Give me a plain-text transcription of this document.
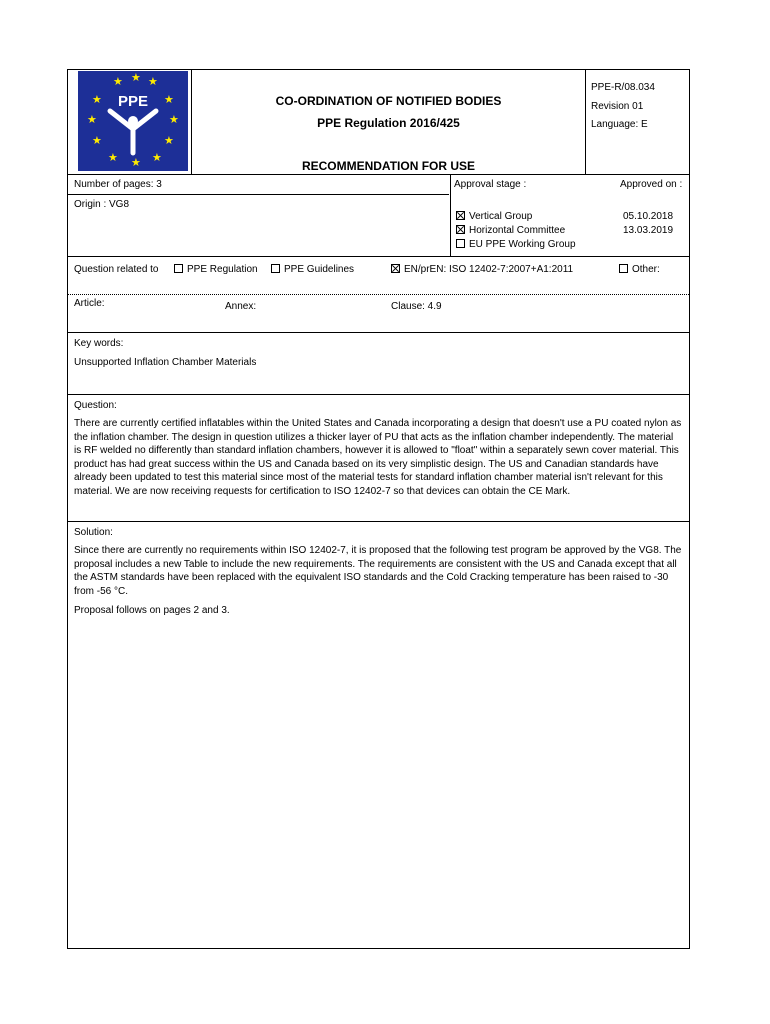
★ ★ ★
★	★
★	★
★	★
★ ★ ★
PPE	CO-ORDINATION OF NOTIFIED BODIES
PPE Regulation 2016/425
RECOMMENDATION FOR USE
PPE-R/08.034
Revision 01
Language: E
Number of pages: 3	Approval stage :	Approved on :
Origin : VG8
Vertical Group	05.10.2018
Horizontal Committee	13.03.2019
EU PPE Working Group
Question related to	PPE Regulation	PPE Guidelines	EN/prEN: ISO 12402-7:2007+A1:2011	Other:
Article:	Annex:	Clause: 4.9
Key words:
Unsupported Inflation Chamber Materials
Question:

There are currently certified inflatables within the United States and Canada incorporating a design that doesn't use a PU coated nylon as the inflation chamber. The design in question utilizes a thicker layer of PU that acts as the inflation chamber independently. The material is RF welded no differently than standard inflation chambers, however it is allowed to "float" within a separately sewn cover material. This product has had great success within the US and Canada based on its very simplistic design. The US and Canadian standards have already been updated to test this material since most of the material tests for standard inflation chamber material isn't relevant for this material. We are now receiving requests for certification to ISO 12402-7 so that devices can obtain the CE Mark.

Solution:

Since there are currently no requirements within ISO 12402-7, it is proposed that the following test program be approved by the VG8. The proposal includes a new Table to include the new requirements. The requirements are consistent with the US and Canada except that all the ASTM standards have been replaced with the equivalent ISO standards and the Cold Cracking temperature has been raised to -30 from -56 °C.

Proposal follows on pages 2 and 3.
